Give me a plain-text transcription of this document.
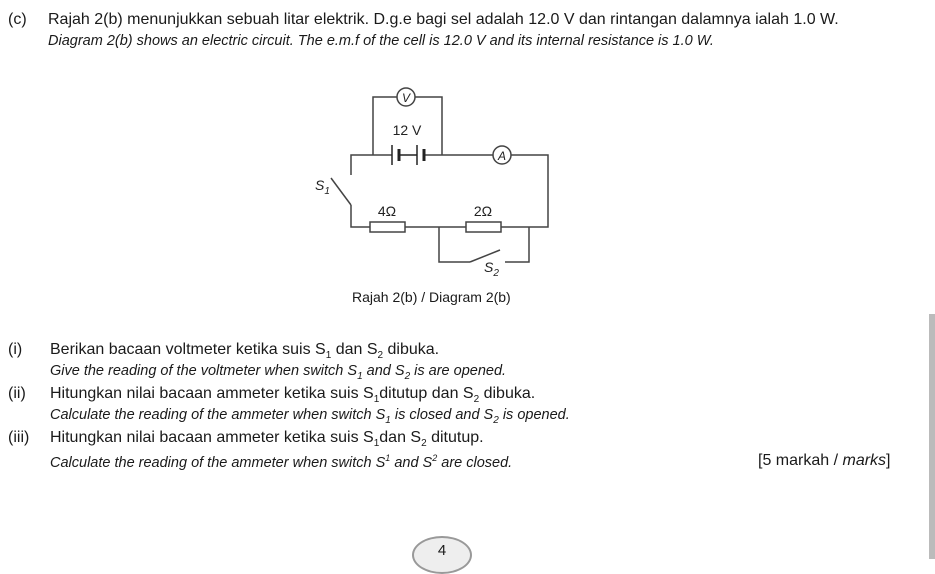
(c) Rajah 2(b) menunjukkan sebuah litar elektrik. D.g.e bagi sel adalah 12.0 V dan rintangan dalamnya ialah 1.0 W.
Diagram 2(b) shows an electric circuit. The e.m.f of the cell is 12.0 V and its internal resistance is 1.0 W.
V
A
12 V
4Ω	2Ω
$S_1$
$S_2$
Rajah 2(b) / Diagram 2(b)
(i) Berikan bacaan voltmeter ketika suis $S_1$ dan $S_2$ dibuka.
Give the reading of the voltmeter when switch $S_1$ and $S_2$ is are opened.
(ii) Hitungkan nilai bacaan ammeter ketika suis $S_1ditutup$ dan $S_2$ dibuka.
Calculate the reading of the ammeter when switch $S_1$ is closed and $S_2$ is opened.
(iii) Hitungkan nilai bacaan ammeter ketika suis $S_1dan$ $S_2$ ditutup.
Calculate the reading of the ammeter when switch $S^1$ and $S^2$ are closed.	[5 markah / marks]
4
